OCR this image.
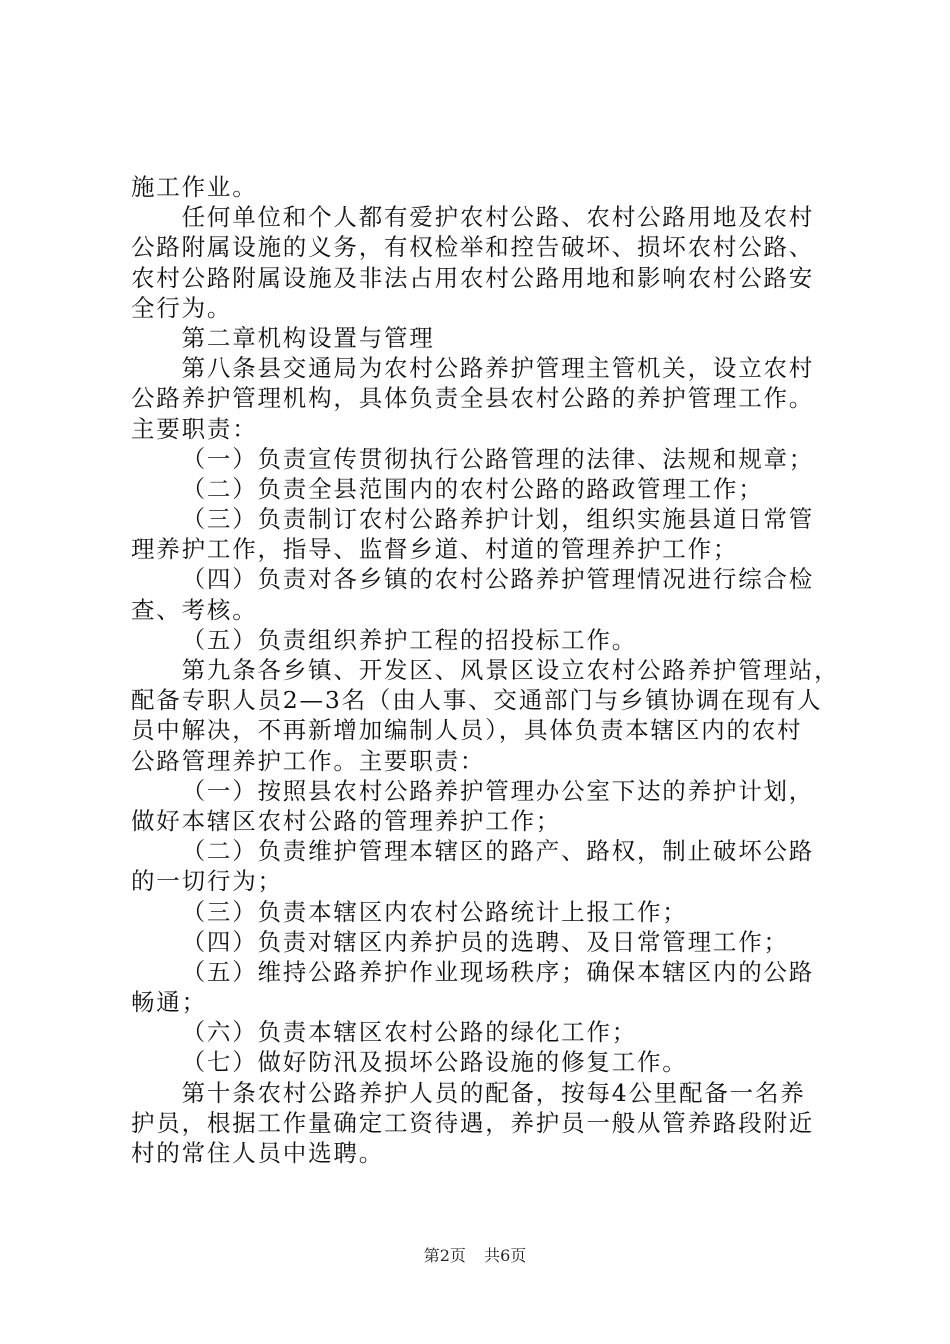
施工作业。
任何单位和个人都有爱护农村公路、农村公路用地及农村
公路附属设施的义务，有权检举和控告破坏、损坏农村公路、
农村公路附属设施及非法占用农村公路用地和影响农村公路安
全行为。
第二章机构设置与管理
第八条县交通局为农村公路养护管理主管机关，设立农村
公路养护管理机构，具体负责全县农村公路的养护管理工作。
主要职责：
（一）负责宣传贯彻执行公路管理的法律、法规和规章；
（二）负责全县范围内的农村公路的路政管理工作；
（三）负责制订农村公路养护计划，组织实施县道日常管
理养护工作，指导、监督乡道、村道的管理养护工作；
（四）负责对各乡镇的农村公路养护管理情况进行综合检
查、考核。
（五）负责组织养护工程的招投标工作。
第九条各乡镇、开发区、风景区设立农村公路养护管理站，
配备专职人员2—3名（由人事、交通部门与乡镇协调在现有人
员中解决，不再新增加编制人员），具体负责本辖区内的农村
公路管理养护工作。主要职责：
（一）按照县农村公路养护管理办公室下达的养护计划，
做好本辖区农村公路的管理养护工作；
（二）负责维护管理本辖区的路产、路权，制止破坏公路
的一切行为；
（三）负责本辖区内农村公路统计上报工作；
（四）负责对辖区内养护员的选聘、及日常管理工作；
（五）维持公路养护作业现场秩序；确保本辖区内的公路
畅通；
（六）负责本辖区农村公路的绿化工作；
（七）做好防汛及损坏公路设施的修复工作。
第十条农村公路养护人员的配备，按每4公里配备一名养
护员，根据工作量确定工资待遇，养护员一般从管养路段附近
村的常住人员中选聘。
第2页 共6页
